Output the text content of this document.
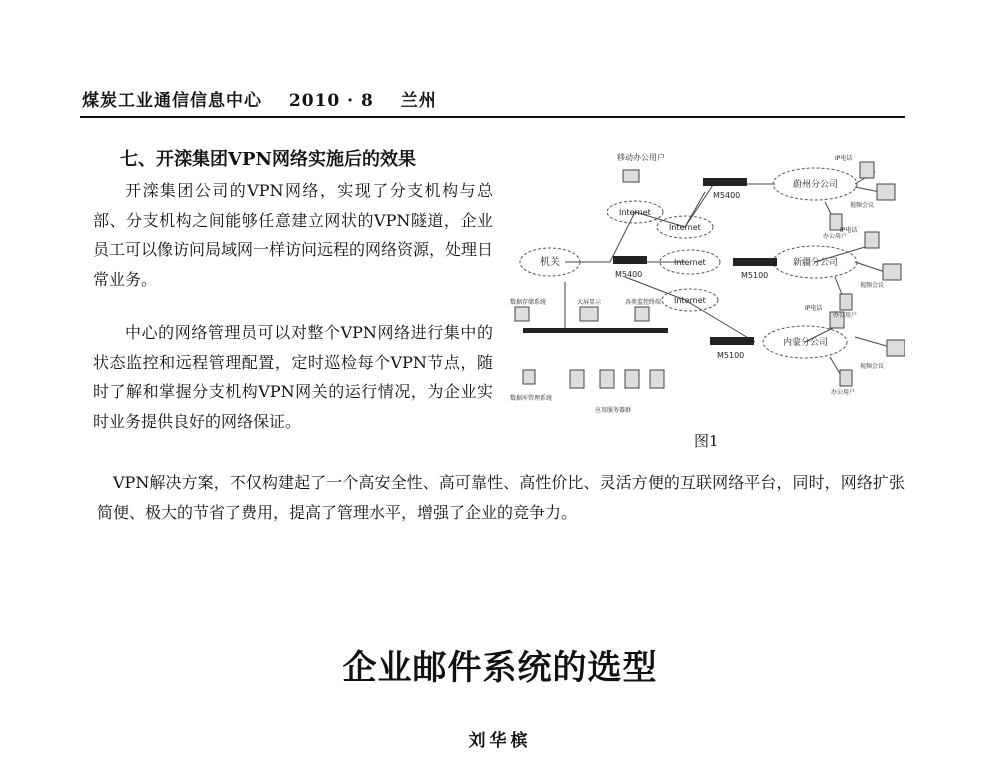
煤炭工业通信信息中心 2010 · 8 兰州
七、开滦集团VPN网络实施后的效果

开滦集团公司的VPN网络，实现了分支机构与总部、分支机构之间能够任意建立网状的VPN隧道，企业员工可以像访问局域网一样访问远程的网络资源，处理日常业务。

中心的网络管理员可以对整个VPN网络进行集中的状态监控和远程管理配置，定时巡检每个VPN节点，随时了解和掌握分支机构VPN网关的运行情况，为企业实时业务提供良好的网络保证。

移动办公用户
Internet
Internet
Internet
Internet
机关
M5400
M5400
M5100
M5100
蔚州分公司
新疆分公司
内蒙分公司
IP电话
视频会议
办公用户
IP电话
视频会议
办公用户
IP电话
视频会议
办公用户
数据存储系统	大屏显示	各类监控终端
数据库管理系统
应用服务器群
图1

VPN解决方案，不仅构建起了一个高安全性、高可靠性、高性价比、灵活方便的互联网络平台，同时，网络扩张简便、极大的节省了费用，提高了管理水平，增强了企业的竞争力。

企业邮件系统的选型
刘华槟
